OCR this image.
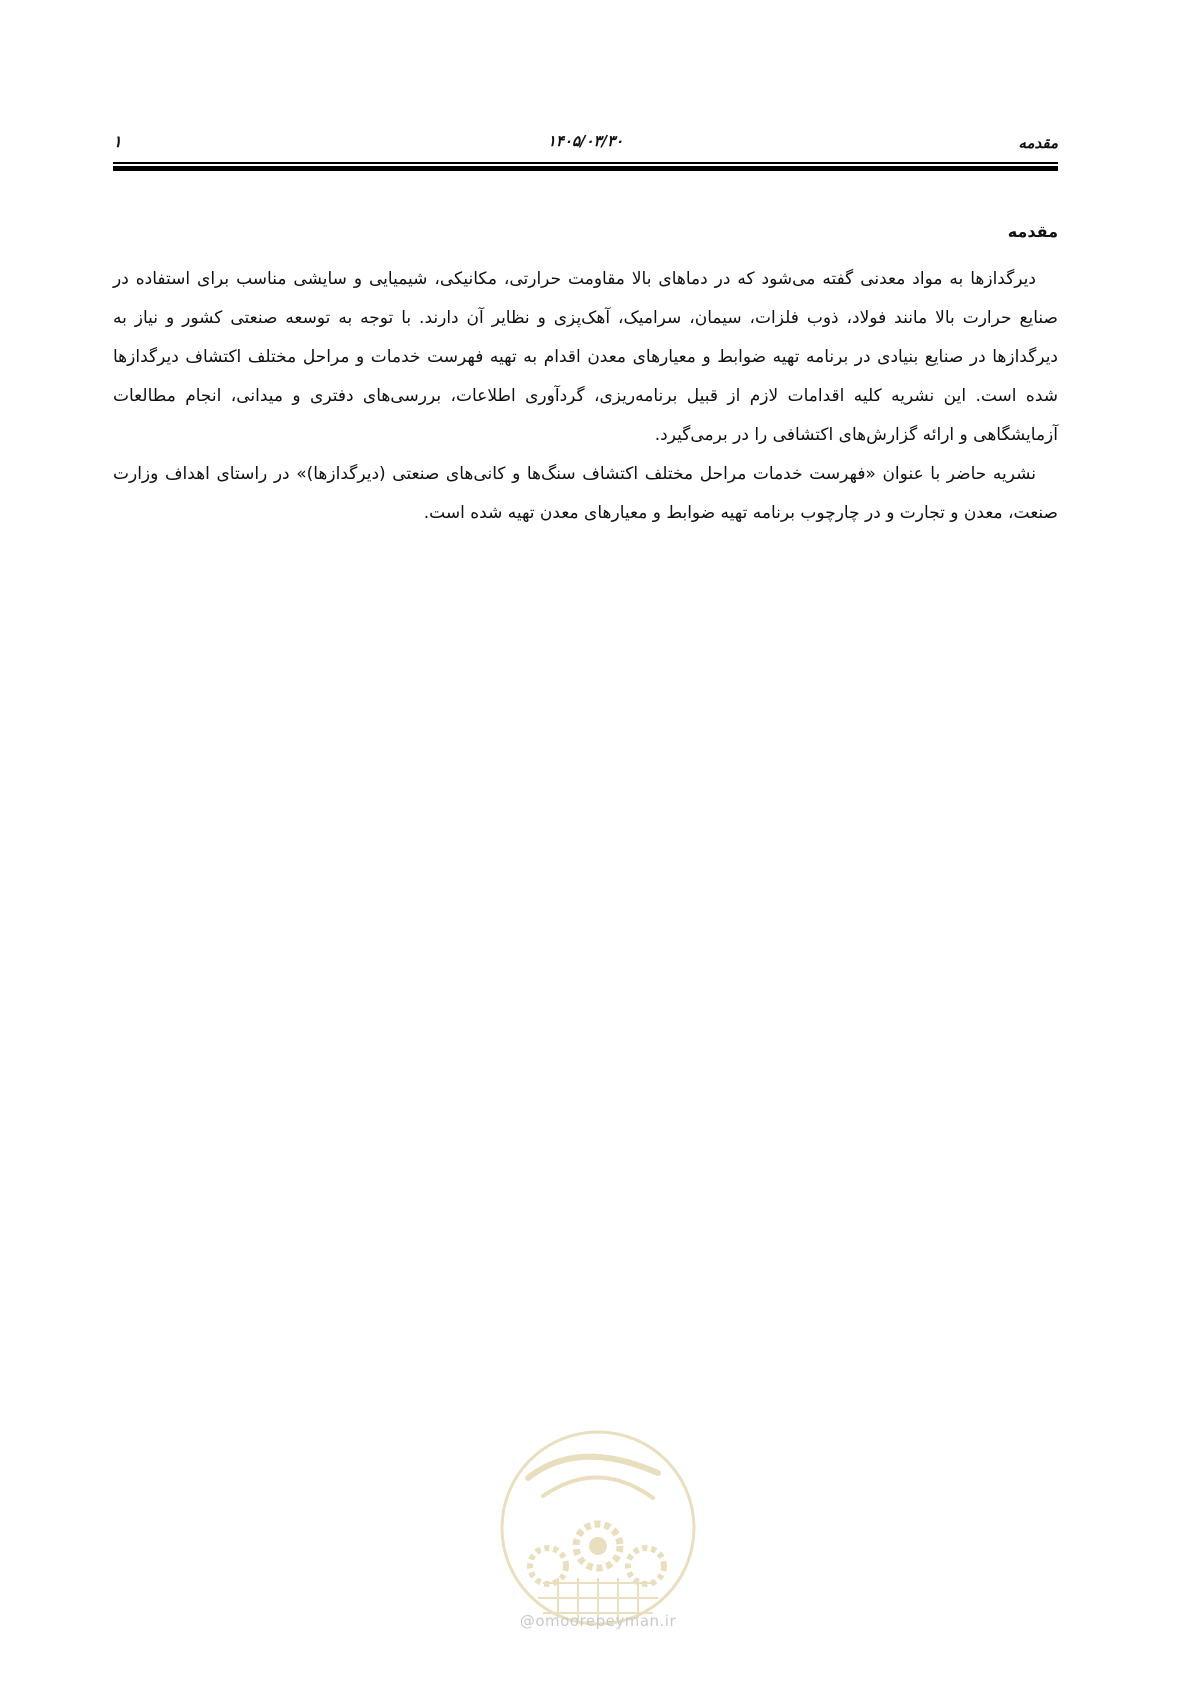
مقدمه
۱۴۰۵/۰۳/۳۰
۱
مقدمه

دیرگدازها به مواد معدنی گفته می‌شود که در دماهای بالا مقاومت حرارتی، مکانیکی، شیمیایی و سایشی مناسب برای استفاده در صنایع حرارت بالا مانند فولاد، ذوب فلزات، سیمان، سرامیک، آهک‌پزی و نظایر آن دارند. با توجه به توسعه صنعتی کشور و نیاز به دیرگدازها در صنایع بنیادی در برنامه تهیه ضوابط و معیارهای معدن اقدام به تهیه فهرست خدمات و مراحل مختلف اکتشاف دیرگدازها شده است. این نشریه کلیه اقدامات لازم از قبیل برنامه‌ریزی، گردآوری اطلاعات، بررسی‌های دفتری و میدانی، انجام مطالعات آزمایشگاهی و ارائه گزارش‌های اکتشافی را در برمی‌گیرد.

نشریه حاضر با عنوان «فهرست خدمات مراحل مختلف اکتشاف سنگ‌ها و کانی‌های صنعتی (دیرگدازها)» در راستای اهداف وزارت صنعت، معدن و تجارت و در چارچوب برنامه تهیه ضوابط و معیارهای معدن تهیه شده است.

@omoorepeyman.ir
